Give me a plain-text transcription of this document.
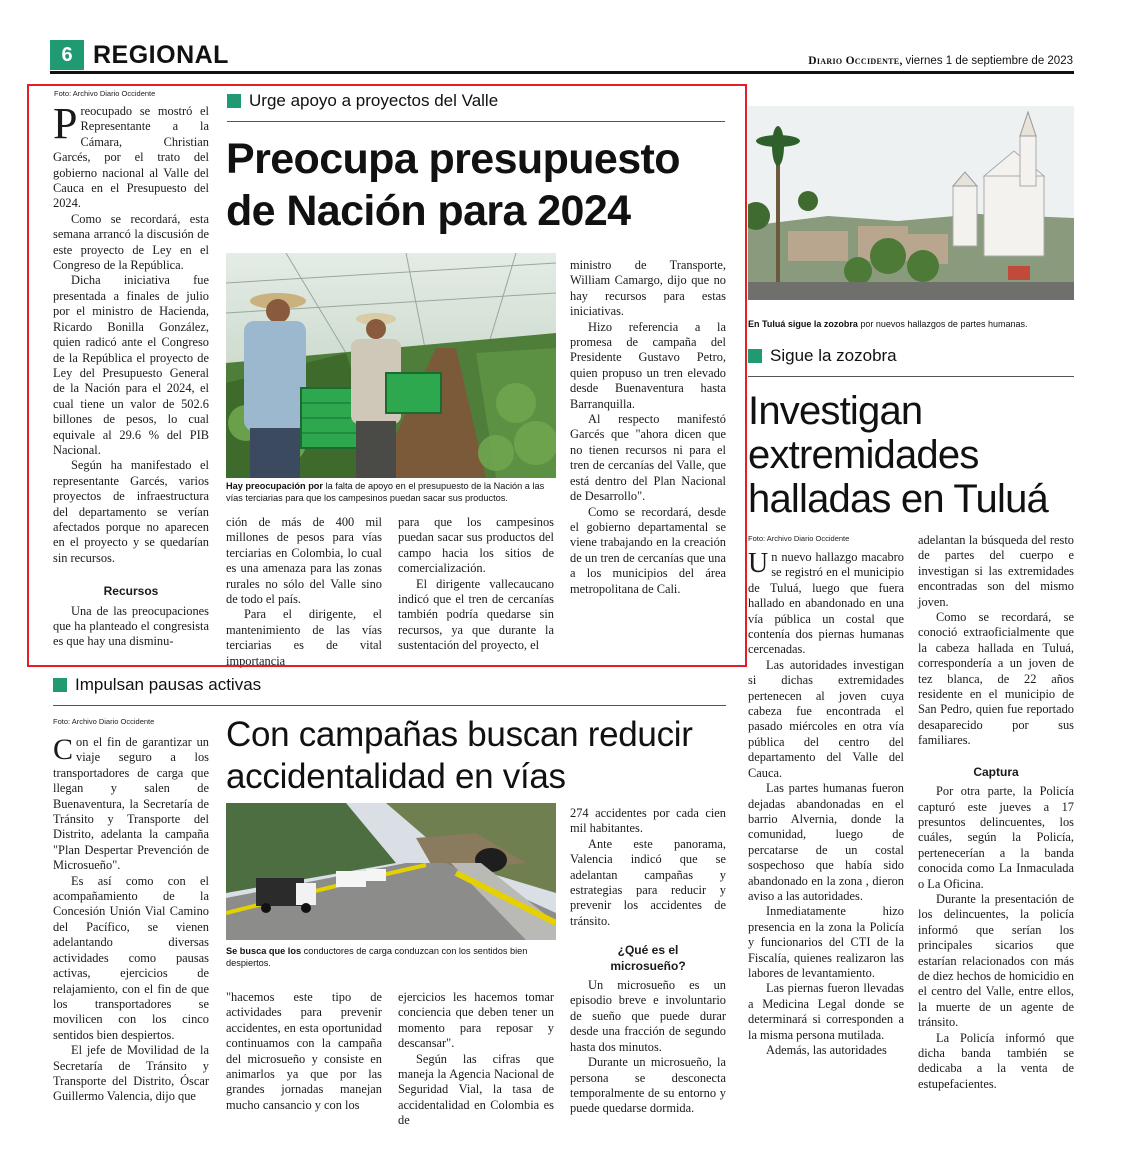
6 REGIONAL	Diario Occidente, viernes 1 de septiembre de 2023
Foto: Archivo Diario Occidente

Preocupado se mostró el Representante a la Cámara, Christian Garcés, por el trato del gobierno nacional al Valle del Cauca en el Presupuesto del 2024.

Como se recordará, esta semana arrancó la discusión de este proyecto de Ley en el Congreso de la República.

Dicha iniciativa fue presentada a finales de julio por el ministro de Hacienda, Ricardo Bonilla González, quien radicó ante el Congreso de la República el proyecto de Ley del Presupuesto General de la Nación para el 2024, el cual tiene un valor de 502.6 billones de pesos, lo cual equivale al 29.6 % del PIB Nacional.

Según ha manifestado el representante Garcés, varios proyectos de infraestructura del departamento se verían afectados porque no aparecen en el proyecto y se quedarían sin recursos.

Recursos

Una de las preocupaciones que ha planteado el congresista es que hay una disminu-

Urge apoyo a proyectos del Valle
Preocupa presupuesto de Nación para 2024
Hay preocupación por la falta de apoyo en el presupuesto de la Nación a las vías terciarias para que los campesinos puedan sacar sus productos.

ción de más de 400 mil millones de pesos para vías terciarias en Colombia, lo cual es una amenaza para las zonas rurales no sólo del Valle sino de todo el país.

Para el dirigente, el mantenimiento de las vías terciarias es de vital importancia

para que los campesinos puedan sacar sus productos del campo hacia los sitios de comercialización.

El dirigente vallecaucano indicó que el tren de cercanías también podría quedarse sin recursos, ya que durante la sustentación del proyecto, el

ministro de Transporte, William Camargo, dijo que no hay recursos para estas iniciativas.

Hizo referencia a la promesa de campaña del Presidente Gustavo Petro, quien propuso un tren elevado desde Buenaventura hasta Barranquilla.

Al respecto manifestó Garcés que "ahora dicen que no tienen recursos ni para el tren de cercanías del Valle, que está dentro del Plan Nacional de Desarrollo".

Como se recordará, desde el gobierno departamental se viene trabajando en la creación de un tren de cercanías que una a los municipios del área metropolitana de Cali.

En Tuluá sigue la zozobra por nuevos hallazgos de partes humanas.
Sigue la zozobra
Investigan extremidades halladas en Tuluá
Foto: Archivo Diario Occidente

Un nuevo hallazgo macabro se registró en el municipio de Tuluá, luego que fuera hallado en abandonado en una vía pública un costal que contenía dos piernas humanas cercenadas.

Las autoridades investigan si dichas extremidades pertenecen al joven cuya cabeza fue encontrada el pasado miércoles en otra vía pública del centro del departamento del Valle del Cauca.

Las partes humanas fueron dejadas abandonadas en el barrio Alvernia, donde la comunidad, luego de percatarse de un costal sospechoso que había sido abandonado en la zona , dieron aviso a las autoridades.

Inmediatamente hizo presencia en la zona la Policía y funcionarios del CTI de la Fiscalía, quienes realizaron las labores de levantamiento.

Las piernas fueron llevadas a Medicina Legal donde se determinará si corresponden a la misma persona mutilada.

Además, las autoridades

adelantan la búsqueda del resto de partes del cuerpo e investigan si las extremidades encontradas son del mismo joven.

Como se recordará, se conoció extraoficialmente que la cabeza hallada en Tuluá, correspondería a un joven de tez blanca, de 22 años residente en el municipio de San Pedro, quien fue reportado desaparecido por sus familiares.

Captura

Por otra parte, la Policía capturó este jueves a 17 presuntos delincuentes, los cuáles, según la Policía, pertenecerían a la banda conocida como La Inmaculada o La Oficina.

Durante la presentación de los delincuentes, la policía informó que serían los principales sicarios que estarían relacionados con más de diez hechos de homicidio en el centro del Valle, entre ellos, la muerte de un agente de tránsito.

La Policía informó que dicha banda también se dedicaba a la venta de estupefacientes.

Impulsan pausas activas
Foto: Archivo Diario Occidente

Con el fin de garantizar un viaje seguro a los transportadores de carga que llegan y salen de Buenaventura, la Secretaría de Tránsito y Transporte del Distrito, adelanta la campaña "Plan Despertar Prevención de Microsueño".

Es así como con el acompañamiento de la Concesión Unión Vial Camino del Pacífico, se vienen adelantando diversas actividades como pausas activas, ejercicios de relajamiento, con el fin de que los transportadores se movilicen con los cinco sentidos bien despiertos.

El jefe de Movilidad de la Secretaría de Tránsito y Transporte del Distrito, Óscar Guillermo Valencia, dijo que

Con campañas buscan reducir accidentalidad en vías
Se busca que los conductores de carga conduzcan con los sentidos bien despiertos.

"hacemos este tipo de actividades para prevenir accidentes, en esta oportunidad continuamos con la campaña del microsueño y consiste en animarlos ya que por las grandes jornadas manejan mucho cansancio y con los

ejercicios les hacemos tomar conciencia que deben tener un momento para reposar y descansar".

Según las cifras que maneja la Agencia Nacional de Seguridad Vial, la tasa de accidentalidad en Colombia es de

274 accidentes por cada cien mil habitantes.

Ante este panorama, Valencia indicó que se adelantan campañas y estrategias para reducir y prevenir los accidentes de tránsito.

¿Qué es el microsueño?

Un microsueño es un episodio breve e involuntario de sueño que puede durar desde una fracción de segundo hasta dos minutos.

Durante un microsueño, la persona se desconecta temporalmente de su entorno y puede quedarse dormida.
